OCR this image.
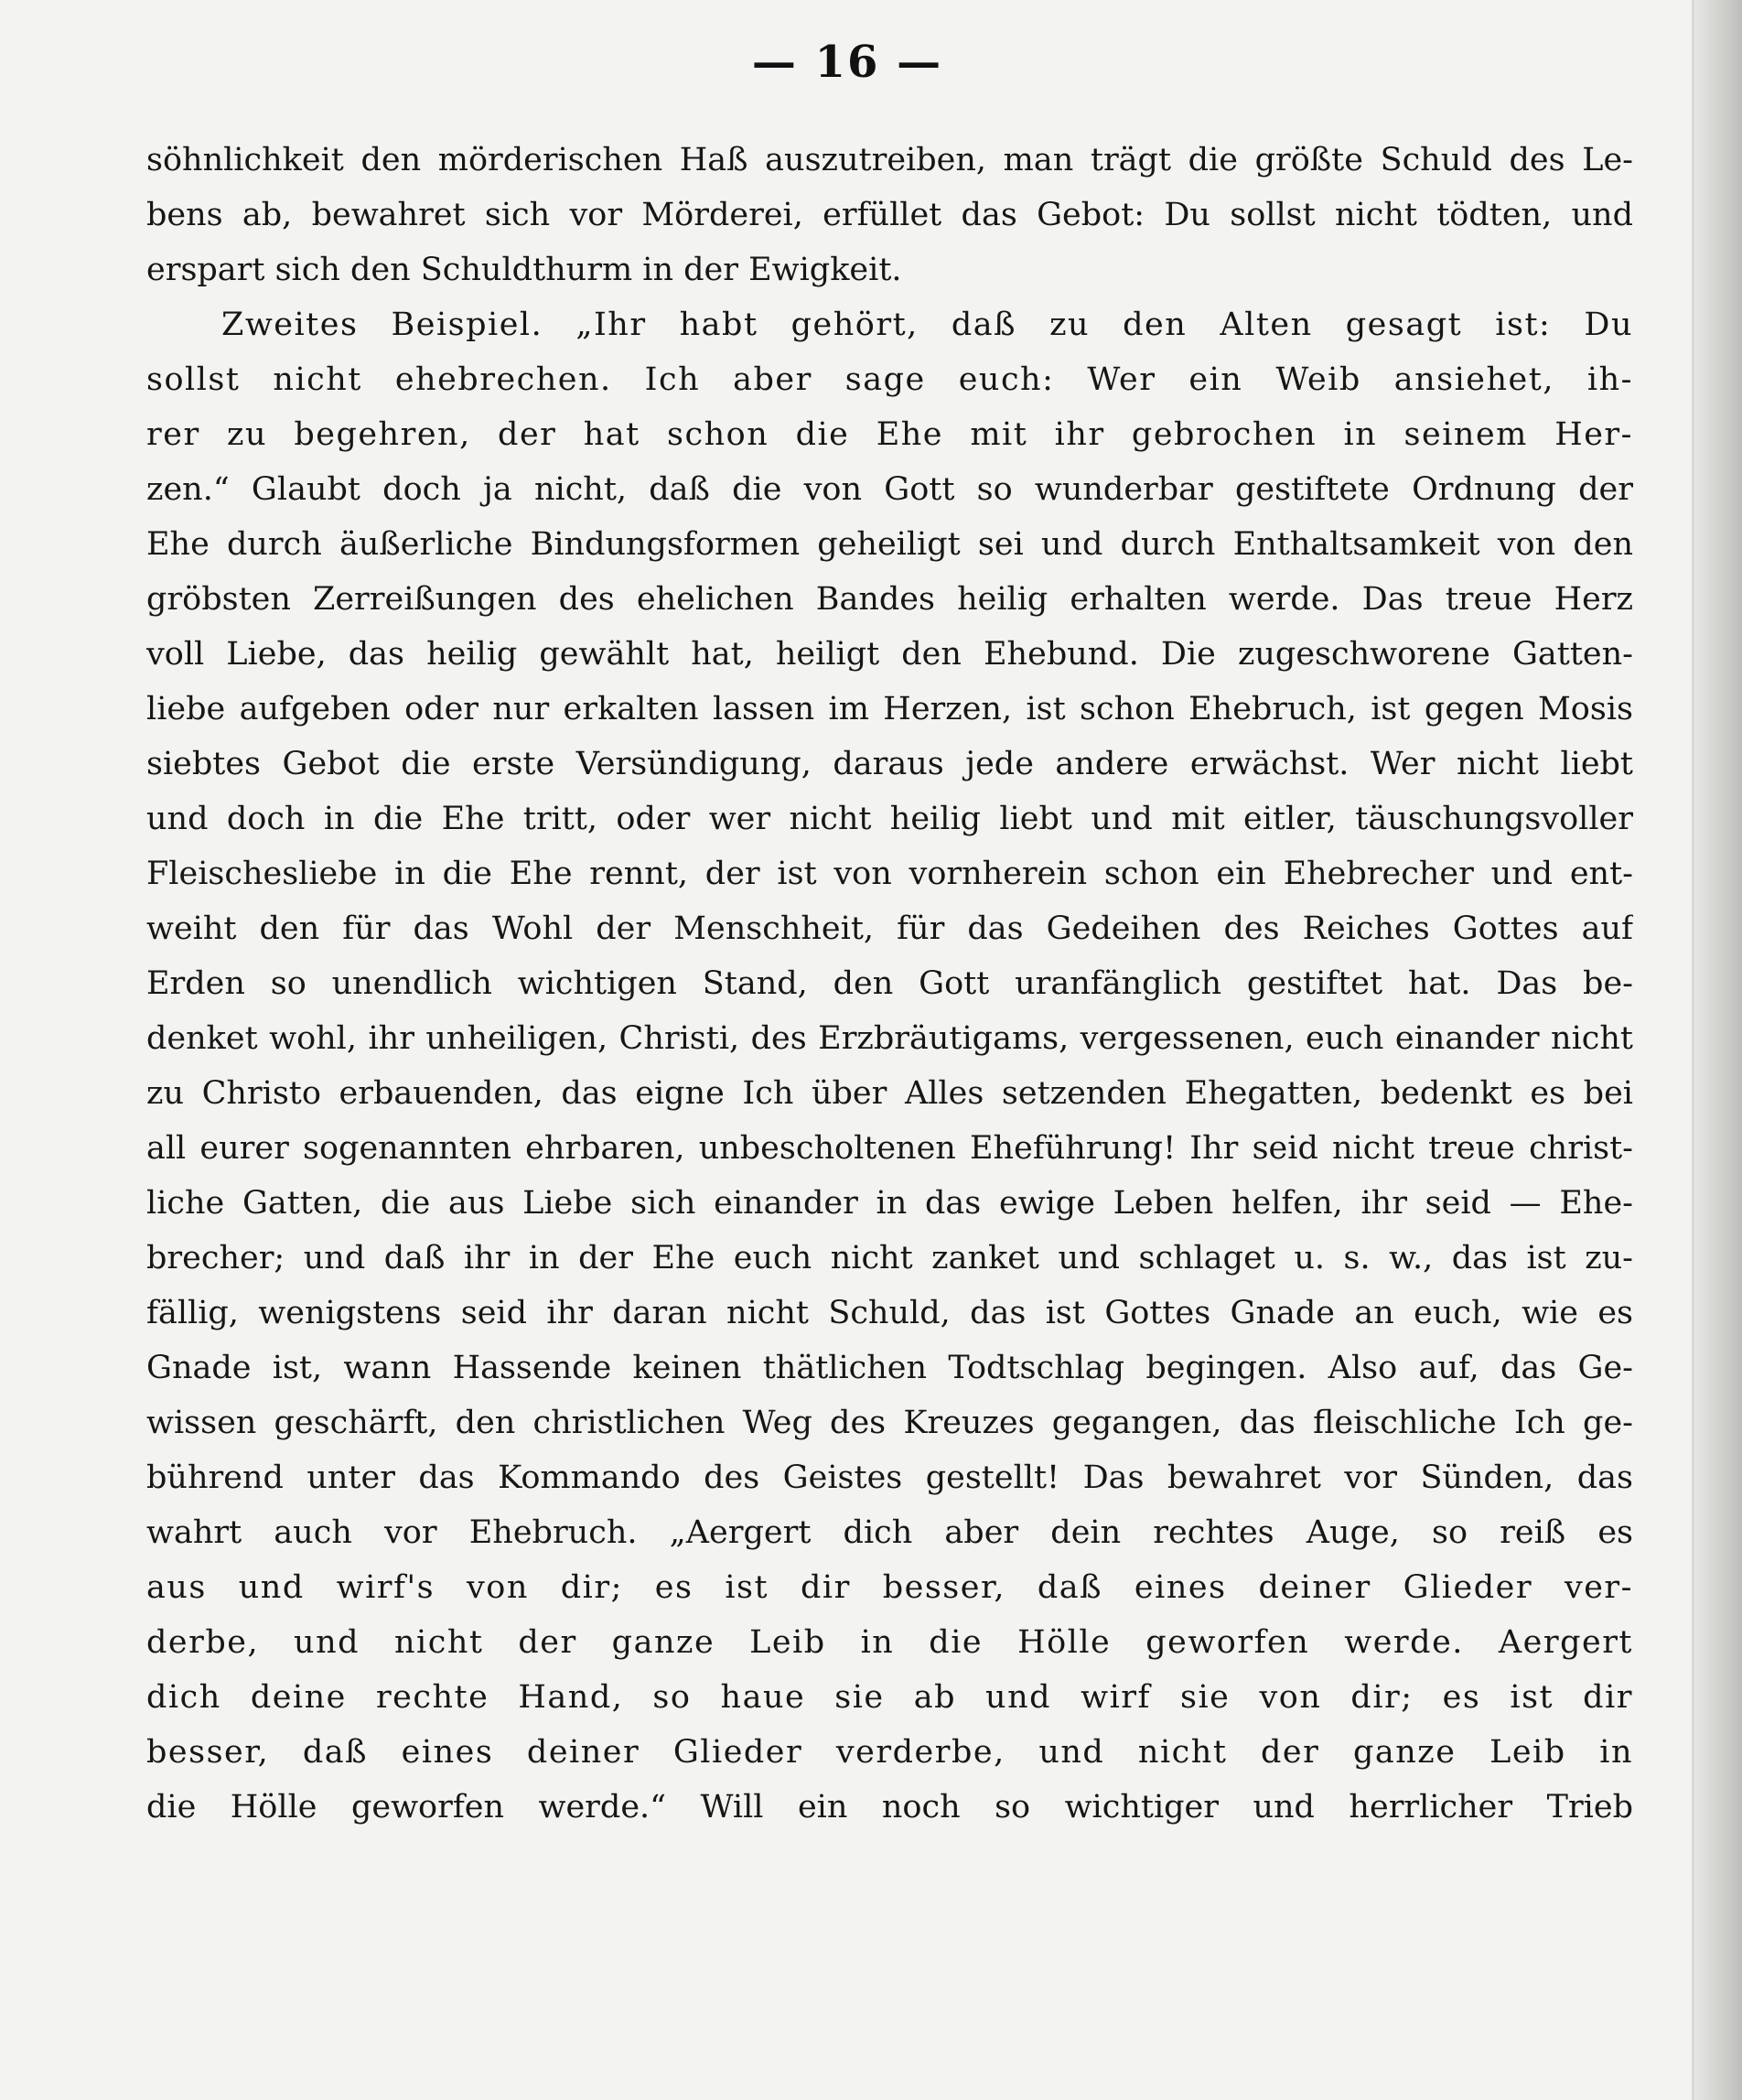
— 16 —
söhnlichkeit den mörderischen Haß auszutreiben, man trägt die größte Schuld des Le-
bens ab, bewahret sich vor Mörderei, erfüllet das Gebot: Du sollst nicht tödten, und
erspart sich den Schuldthurm in der Ewigkeit.
Zweites Beispiel. „Ihr habt gehört, daß zu den Alten gesagt ist: Du
sollst nicht ehebrechen. Ich aber sage euch: Wer ein Weib ansiehet, ih-
rer zu begehren, der hat schon die Ehe mit ihr gebrochen in seinem Her-
zen.“ Glaubt doch ja nicht, daß die von Gott so wunderbar gestiftete Ordnung der
Ehe durch äußerliche Bindungsformen geheiligt sei und durch Enthaltsamkeit von den
gröbsten Zerreißungen des ehelichen Bandes heilig erhalten werde. Das treue Herz
voll Liebe, das heilig gewählt hat, heiligt den Ehebund. Die zugeschworene Gatten-
liebe aufgeben oder nur erkalten lassen im Herzen, ist schon Ehebruch, ist gegen Mosis
siebtes Gebot die erste Versündigung, daraus jede andere erwächst. Wer nicht liebt
und doch in die Ehe tritt, oder wer nicht heilig liebt und mit eitler, täuschungsvoller
Fleischesliebe in die Ehe rennt, der ist von vornherein schon ein Ehebrecher und ent-
weiht den für das Wohl der Menschheit, für das Gedeihen des Reiches Gottes auf
Erden so unendlich wichtigen Stand, den Gott uranfänglich gestiftet hat. Das be-
denket wohl, ihr unheiligen, Christi, des Erzbräutigams, vergessenen, euch einander nicht
zu Christo erbauenden, das eigne Ich über Alles setzenden Ehegatten, bedenkt es bei
all eurer sogenannten ehrbaren, unbescholtenen Eheführung! Ihr seid nicht treue christ-
liche Gatten, die aus Liebe sich einander in das ewige Leben helfen, ihr seid — Ehe-
brecher; und daß ihr in der Ehe euch nicht zanket und schlaget u. s. w., das ist zu-
fällig, wenigstens seid ihr daran nicht Schuld, das ist Gottes Gnade an euch, wie es
Gnade ist, wann Hassende keinen thätlichen Todtschlag begingen. Also auf, das Ge-
wissen geschärft, den christlichen Weg des Kreuzes gegangen, das fleischliche Ich ge-
bührend unter das Kommando des Geistes gestellt! Das bewahret vor Sünden, das
wahrt auch vor Ehebruch. „Aergert dich aber dein rechtes Auge, so reiß es
aus und wirf's von dir; es ist dir besser, daß eines deiner Glieder ver-
derbe, und nicht der ganze Leib in die Hölle geworfen werde. Aergert
dich deine rechte Hand, so haue sie ab und wirf sie von dir; es ist dir
besser, daß eines deiner Glieder verderbe, und nicht der ganze Leib in
die Hölle geworfen werde.“ Will ein noch so wichtiger und herrlicher Trieb
